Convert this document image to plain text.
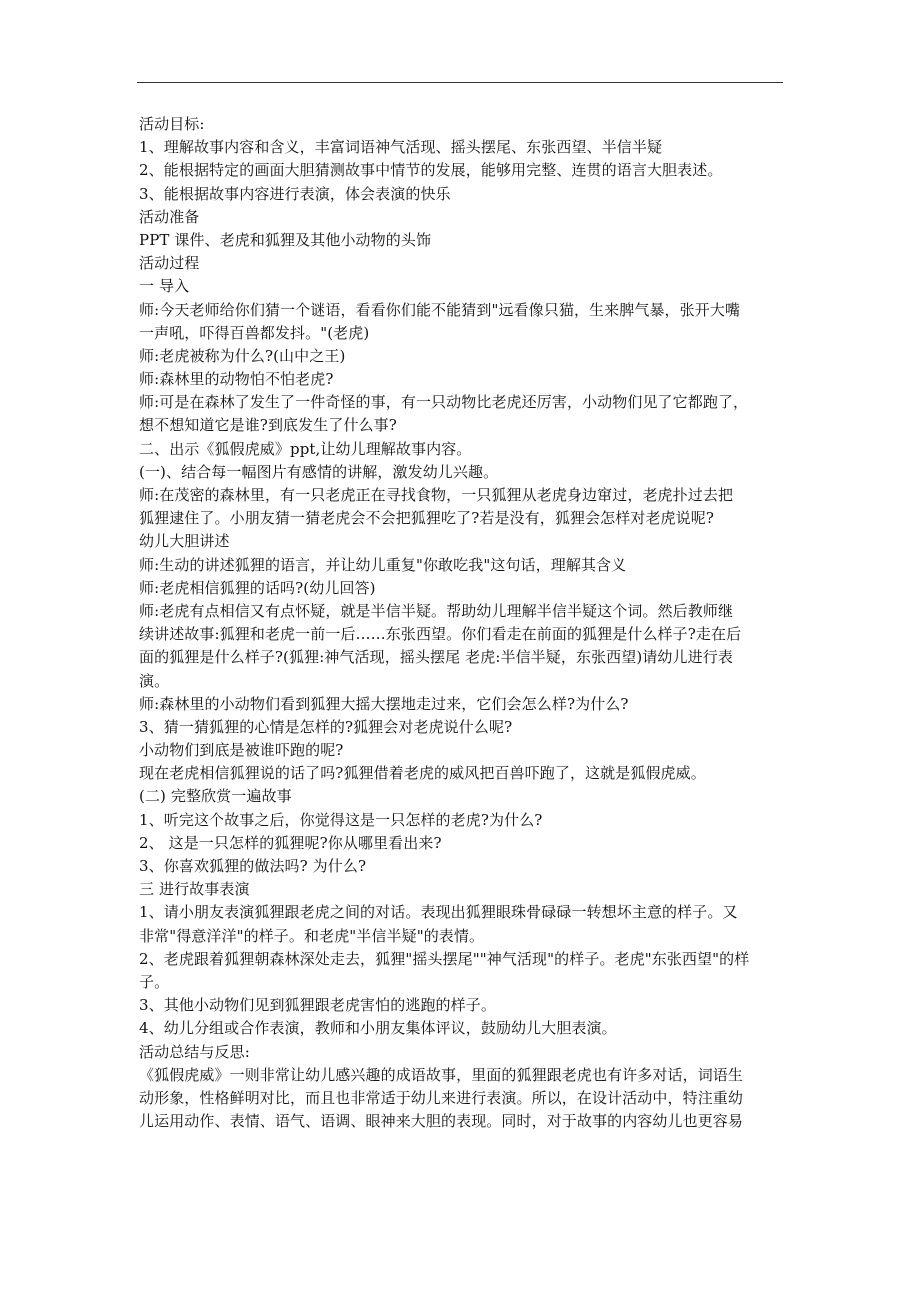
活动目标:
1、理解故事内容和含义，丰富词语神气活现、摇头摆尾、东张西望、半信半疑
2、能根据特定的画面大胆猜测故事中情节的发展，能够用完整、连贯的语言大胆表述。
3、能根据故事内容进行表演，体会表演的快乐
活动准备
PPT 课件、老虎和狐狸及其他小动物的头饰
活动过程
一 导入
师:今天老师给你们猜一个谜语，看看你们能不能猜到"远看像只猫，生来脾气暴，张开大嘴
一声吼，吓得百兽都发抖。"(老虎)
师:老虎被称为什么?(山中之王)
师:森林里的动物怕不怕老虎?
师:可是在森林了发生了一件奇怪的事，有一只动物比老虎还厉害，小动物们见了它都跑了，
想不想知道它是谁?到底发生了什么事?
二、出示《狐假虎威》ppt,让幼儿理解故事内容。
(一)、结合每一幅图片有感情的讲解，激发幼儿兴趣。
师:在茂密的森林里，有一只老虎正在寻找食物，一只狐狸从老虎身边窜过，老虎扑过去把
狐狸逮住了。小朋友猜一猜老虎会不会把狐狸吃了?若是没有，狐狸会怎样对老虎说呢?
幼儿大胆讲述
师:生动的讲述狐狸的语言，并让幼儿重复"你敢吃我"这句话，理解其含义
师:老虎相信狐狸的话吗?(幼儿回答)
师:老虎有点相信又有点怀疑，就是半信半疑。帮助幼儿理解半信半疑这个词。然后教师继
续讲述故事:狐狸和老虎一前一后……东张西望。你们看走在前面的狐狸是什么样子?走在后
面的狐狸是什么样子?(狐狸:神气活现，摇头摆尾 老虎:半信半疑，东张西望)请幼儿进行表
演。
师:森林里的小动物们看到狐狸大摇大摆地走过来，它们会怎么样?为什么?
3、猜一猜狐狸的心情是怎样的?狐狸会对老虎说什么呢?
小动物们到底是被谁吓跑的呢?
现在老虎相信狐狸说的话了吗?狐狸借着老虎的威风把百兽吓跑了，这就是狐假虎威。
(二) 完整欣赏一遍故事
1、听完这个故事之后，你觉得这是一只怎样的老虎?为什么?
2、 这是一只怎样的狐狸呢?你从哪里看出来?
3、你喜欢狐狸的做法吗? 为什么?
三 进行故事表演
1、请小朋友表演狐狸跟老虎之间的对话。表现出狐狸眼珠骨碌碌一转想坏主意的样子。又
非常"得意洋洋"的样子。和老虎"半信半疑"的表情。
2、老虎跟着狐狸朝森林深处走去，狐狸"摇头摆尾""神气活现"的样子。老虎"东张西望"的样
子。
3、其他小动物们见到狐狸跟老虎害怕的逃跑的样子。
4、幼儿分组或合作表演，教师和小朋友集体评议，鼓励幼儿大胆表演。
活动总结与反思:
《狐假虎威》一则非常让幼儿感兴趣的成语故事，里面的狐狸跟老虎也有许多对话，词语生
动形象，性格鲜明对比，而且也非常适于幼儿来进行表演。所以，在设计活动中，特注重幼
儿运用动作、表情、语气、语调、眼神来大胆的表现。同时，对于故事的内容幼儿也更容易
